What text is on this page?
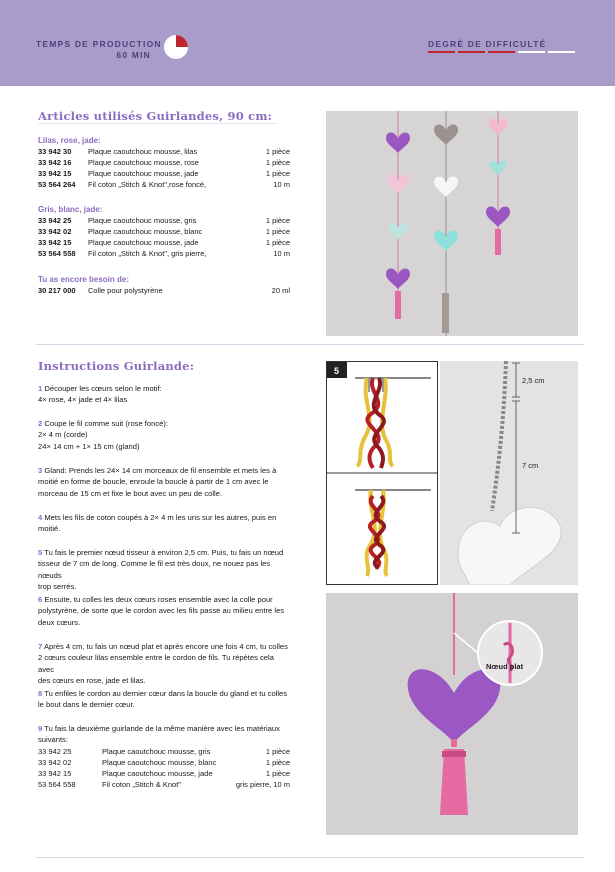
TEMPS DE PRODUCTION
60 MIN
DEGRÉ DE DIFFICULTÉ
Articles utilisés Guirlandes, 90 cm:
Lilas, rose, jade:
33 942 30 Plaque caoutchouc mousse, lilas	1 pièce
33 942 16 Plaque caoutchouc mousse, rose	1 pièce
33 942 15 Plaque caoutchouc mousse, jade	1 pièce
53 564 264 Fil coton „Stitch & Knot",rose foncé,	10 m
Gris, blanc, jade:
33 942 25 Plaque caoutchouc mousse, gris	1 pièce
33 942 02 Plaque caoutchouc mousse, blanc	1 pièce
33 942 15 Plaque caoutchouc mousse, jade	1 pièce
53 564 558 Fil coton „Stitch & Knot", gris pierre,	10 m
Tu as encore besoin de:
30 217 000 Colle pour polystyrène	20 ml
Instructions Guirlande:
1 Découper les cœurs selon le motif:
4× rose, 4× jade et 4× lilas
2 Coupe le fil comme suit (rose foncé):
2× 4 m (corde)
24× 14 cm + 1× 15 cm (gland)
3 Gland: Prends les 24× 14 cm morceaux de fil ensemble et mets les à
moitié en forme de boucle, enroule la boucle à partir de 1 cm avec le
morceau de 15 cm et fixe le bout avec un peu de colle.
4 Mets les fils de coton coupés à 2× 4 m les uns sur les autres, puis en
moitié.
5 Tu fais le premier nœud tisseur à environ 2,5 cm. Puis, tu fais un nœud
tisseur de 7 cm de long. Comme le fil est très doux, ne nouez pas les nœuds
trop serrés.
6 Ensuite, tu colles les deux cœurs roses ensemble avec la colle pour
polystyrène, de sorte que le cordon avec les fils passe au milieu entre les
deux cœurs.
7 Après 4 cm, tu fais un nœud plat et après encore une fois 4 cm, tu colles
2 cœurs couleur lilas ensemble entre le cordon de fils. Tu répètes cela avec
des cœurs en rose, jade et lilas.
8 Tu enfiles le cordon au dernier cœur dans la boucle du gland et tu colles
le bout dans le dernier cœur.
9 Tu fais la deuxième guirlande de la même manière avec les matériaux
suivants:
33 942 25	Plaque caoutchouc mousse, gris	1 pièce
33 942 02	Plaque caoutchouc mousse, blanc	1 pièce
33 942 15	Plaque caoutchouc mousse, jade	1 pièce
53 564 558	Fil coton „Stitch & Knot"	gris pierre, 10 m
5
2,5 cm
7 cm
Nœud plat
